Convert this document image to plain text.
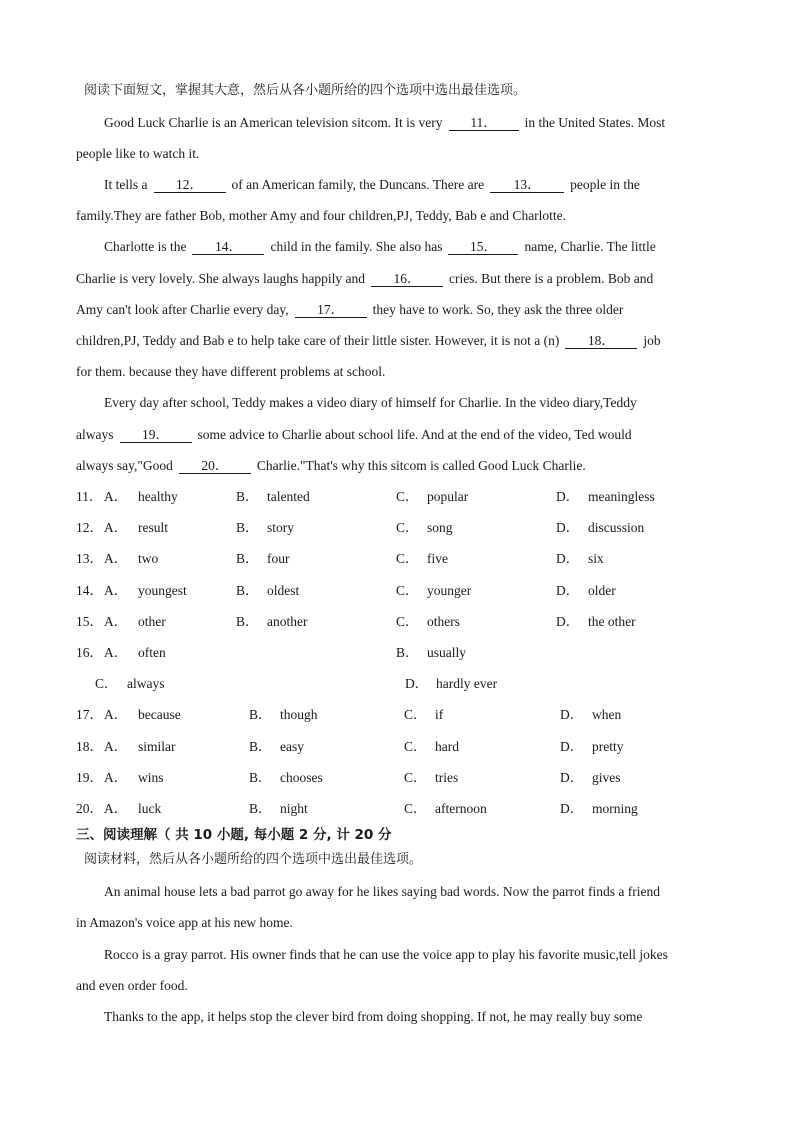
阅读下面短文，掌握其大意，然后从各小题所给的四个选项中选出最佳选项。
Good Luck Charlie is an American television sitcom. It is very 11． in the United States. Most
people like to watch it.
It tells a 12． of an American family, the Duncans. There are 13． people in the
family.They are father Bob, mother Amy and four children,PJ, Teddy, Bab e and Charlotte.
Charlotte is the 14． child in the family. She also has 15． name, Charlie. The little
Charlie is very lovely. She always laughs happily and 16． cries. But there is a problem. Bob and
Amy can't look after Charlie every day, 17． they have to work. So, they ask the three older
children,PJ, Teddy and Bab e to help take care of their little sister. However, it is not a (n) 18． job
for them. because they have different problems at school.
Every day after school, Teddy makes a video diary of himself for Charlie. In the video diary,Teddy
always 19． some advice to Charlie about school life. And at the end of the video, Ted would
always say,"Good 20． Charlie."That's why this sitcom is called Good Luck Charlie.
11． A． healthy	B． talented	C． popular	D． meaningless
12． A． result	B． story	C． song	D． discussion
13． A． two	B． four	C． five	D． six
14． A． youngest	B． oldest	C． younger	D． older
15． A． other	B． another	C． others	D． the other
16． A． often	B． usually
C． always	D． hardly ever
17． A． because	B． though	C． if	D． when
18． A． similar	B． easy	C． hard	D． pretty
19． A． wins	B． chooses	C． tries	D． gives
20． A． luck	B． night	C． afternoon	D． morning
三、阅读理解（ 共 10 小题, 每小题 2 分, 计 20 分
阅读材料，然后从各小题所给的四个选项中选出最佳选项。
An animal house lets a bad parrot go away for he likes saying bad words. Now the parrot finds a friend
in Amazon's voice app at his new home.
Rocco is a gray parrot. His owner finds that he can use the voice app to play his favorite music,tell jokes
and even order food.
Thanks to the app, it helps stop the clever bird from doing shopping. If not, he may really buy some
